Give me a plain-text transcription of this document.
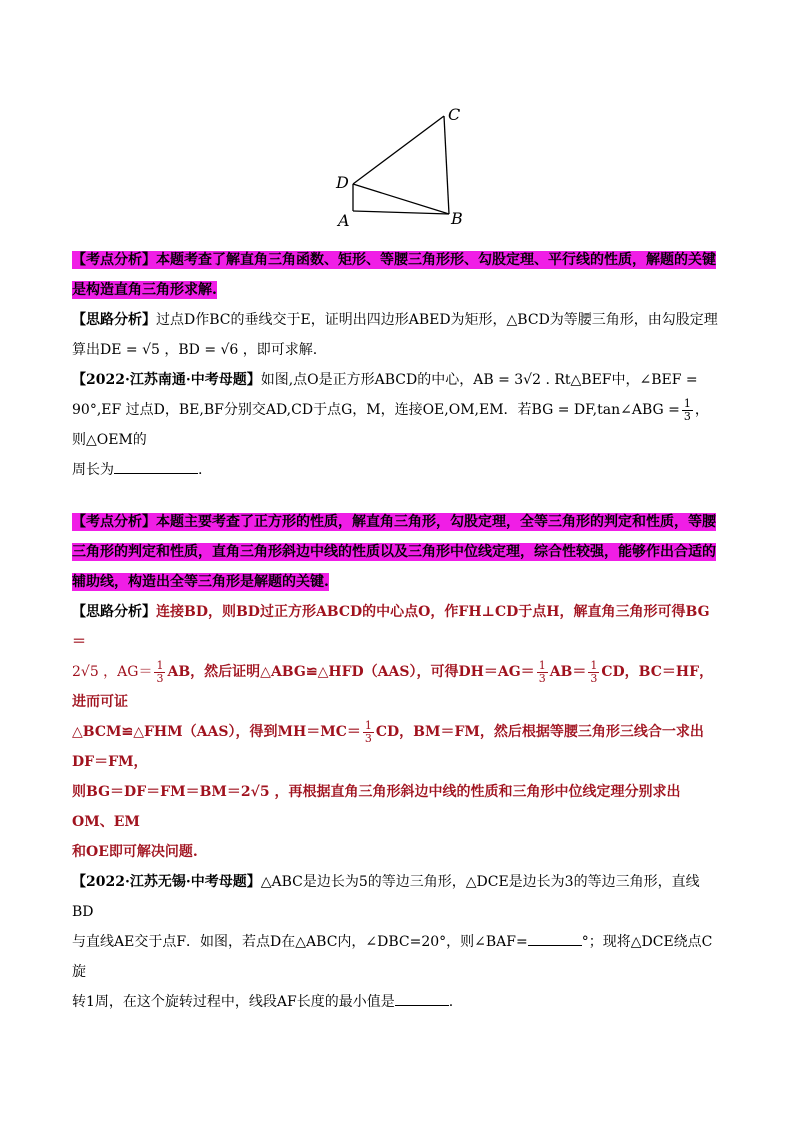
C
D
A	B

【考点分析】本题考查了解直角三角函数、矩形、等腰三角形形、勾股定理、平行线的性质，解题的关键是构造直角三角形求解.

【思路分析】过点D作BC的垂线交于E，证明出四边形ABED为矩形，△BCD为等腰三角形，由勾股定理算出DE = √5 ，BD = √6 ，即可求解.

【2022·江苏南通·中考母题】如图,点O是正方形ABCD的中心，AB = 3√2 . Rt△BEF中，∠BEF = 90°,EF 过点D，BE,BF分别交AD,CD于点G，M，连接OE,OM,EM．若BG = DF,tan∠ABG = $\frac{1}{3}$ ，则△OEM的
周长为	.

【考点分析】本题主要考查了正方形的性质，解直角三角形，勾股定理，全等三角形的判定和性质，等腰三角形的判定和性质，直角三角形斜边中线的性质以及三角形中位线定理，综合性较强，能够作出合适的辅助线，构造出全等三角形是解题的关键.

【思路分析】连接BD，则BD过正方形ABCD的中心点O，作FH⊥CD于点H，解直角三角形可得BG＝
2√5 ，$AG= \frac{1}{3}$ AB，然后证明△ABG≌△HFD（AAS），可得$DH=AG= \frac{1}{3} AB= \frac{1}{3}$ CD，BC＝HF，进而可证
△BCM≌△FHM（AAS），得到$MH=MC= \frac{1}{3}$ CD，BM＝FM，然后根据等腰三角形三线合一求出DF＝FM，
则BG＝DF＝FM＝BM＝2√5 ，再根据直角三角形斜边中线的性质和三角形中位线定理分别求出OM、EM
和OE即可解决问题.

【2022·江苏无锡·中考母题】△ABC是边长为5的等边三角形，△DCE是边长为3的等边三角形，直线BD
与直线AE交于点F．如图，若点D在△ABC内，∠DBC=20°，则∠BAF=	°；现将△DCE绕点C旋
转1周，在这个旋转过程中，线段AF长度的最小值是	.
